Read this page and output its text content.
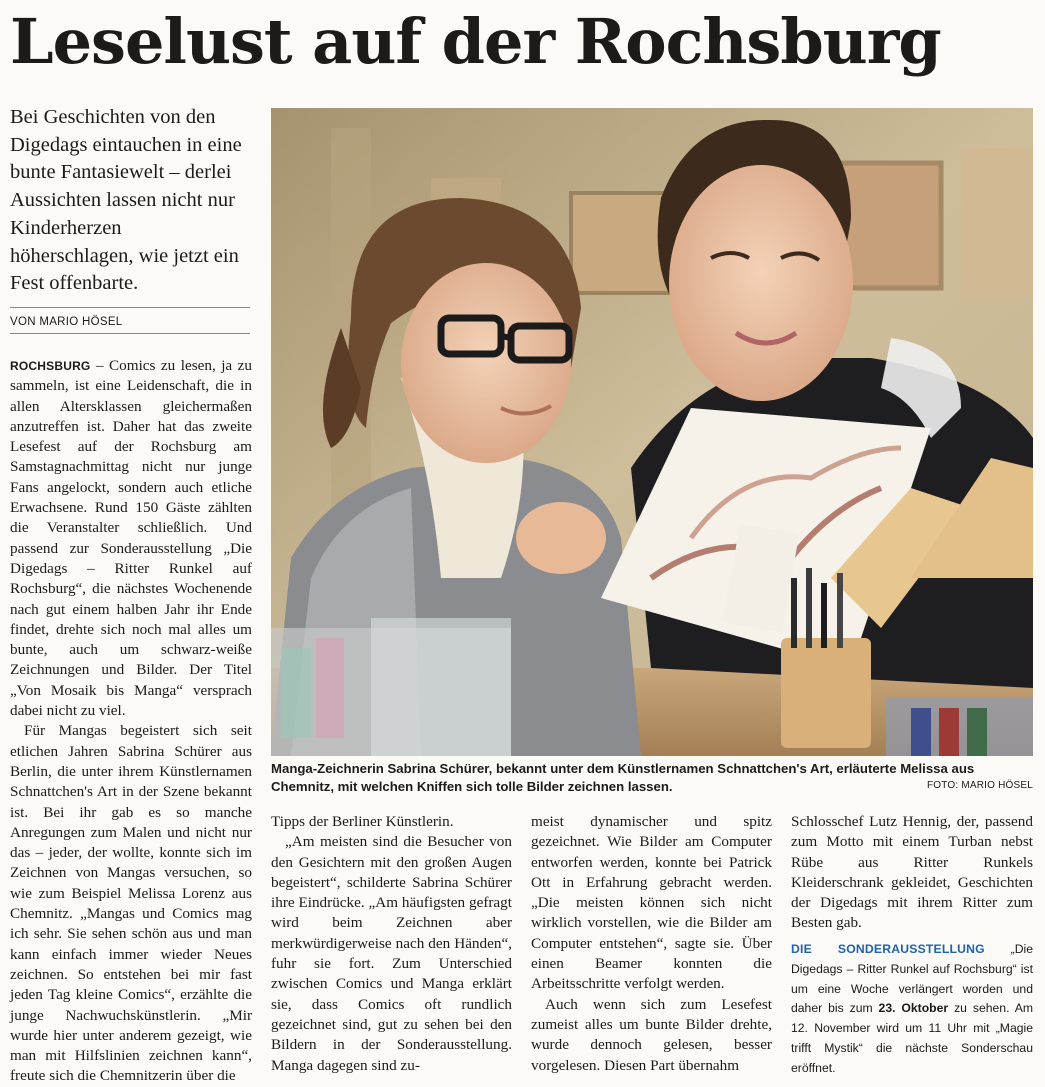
Leselust auf der Rochsburg

Bei Geschichten von den Digedags eintauchen in eine bunte Fantasiewelt – derlei Aussichten lassen nicht nur Kinderherzen höherschlagen, wie jetzt ein Fest offenbarte.

VON MARIO HÖSEL

ROCHSBURG – Comics zu lesen, ja zu sammeln, ist eine Leidenschaft, die in allen Altersklassen gleichermaßen anzutreffen ist. Daher hat das zweite Lesefest auf der Rochsburg am Samstagnachmittag nicht nur junge Fans angelockt, sondern auch etliche Erwachsene. Rund 150 Gäste zählten die Veranstalter schließlich. Und passend zur Sonderausstellung „Die Digedags – Ritter Runkel auf Rochsburg“, die nächstes Wochenende nach gut einem halben Jahr ihr Ende findet, drehte sich noch mal alles um bunte, auch um schwarz-weiße Zeichnungen und Bilder. Der Titel „Von Mosaik bis Manga“ versprach dabei nicht zu viel.

Für Mangas begeistert sich seit etlichen Jahren Sabrina Schürer aus Berlin, die unter ihrem Künstlernamen Schnattchen's Art in der Szene bekannt ist. Bei ihr gab es so manche Anregungen zum Malen und nicht nur das – jeder, der wollte, konnte sich im Zeichnen von Mangas versuchen, so wie zum Beispiel Melissa Lorenz aus Chemnitz. „Mangas und Comics mag ich sehr. Sie sehen schön aus und man kann einfach immer wieder Neues zeichnen. So entstehen bei mir fast jeden Tag kleine Comics“, erzählte die junge Nachwuchskünstlerin. „Mir wurde hier unter anderem gezeigt, wie man mit Hilfslinien zeichnen kann“, freute sich die Chemnitzerin über die

Tipps der Berliner Künstlerin.

„Am meisten sind die Besucher von den Gesichtern mit den großen Augen begeistert“, schilderte Sabrina Schürer ihre Eindrücke. „Am häufigsten gefragt wird beim Zeichnen aber merkwürdigerweise nach den Händen“, fuhr sie fort. Zum Unterschied zwischen Comics und Manga erklärt sie, dass Comics oft rundlich gezeichnet sind, gut zu sehen bei den Bildern in der Sonderausstellung. Manga dagegen sind zu-

meist dynamischer und spitz gezeichnet. Wie Bilder am Computer entworfen werden, konnte bei Patrick Ott in Erfahrung gebracht werden. „Die meisten können sich nicht wirklich vorstellen, wie die Bilder am Computer entstehen“, sagte sie. Über einen Beamer konnten die Arbeitsschritte verfolgt werden.

Auch wenn sich zum Lesefest zumeist alles um bunte Bilder drehte, wurde dennoch gelesen, besser vorgelesen. Diesen Part übernahm

Schlosschef Lutz Hennig, der, passend zum Motto mit einem Turban nebst Rübe aus Ritter Runkels Kleiderschrank gekleidet, Geschichten der Digedags mit ihrem Ritter zum Besten gab.

DIE SONDERAUSSTELLUNG „Die Digedags – Ritter Runkel auf Rochsburg“ ist um eine Woche verlängert worden und daher bis zum 23. Oktober zu sehen. Am 12. November wird um 11 Uhr mit „Magie trifft Mystik“ die nächste Sonderschau eröffnet.

Manga-Zeichnerin Sabrina Schürer, bekannt unter dem Künstlernamen Schnattchen's Art, erläuterte Melissa aus Chemnitz, mit welchen Kniffen sich tolle Bilder zeichnen lassen.	FOTO: MARIO HÖSEL
